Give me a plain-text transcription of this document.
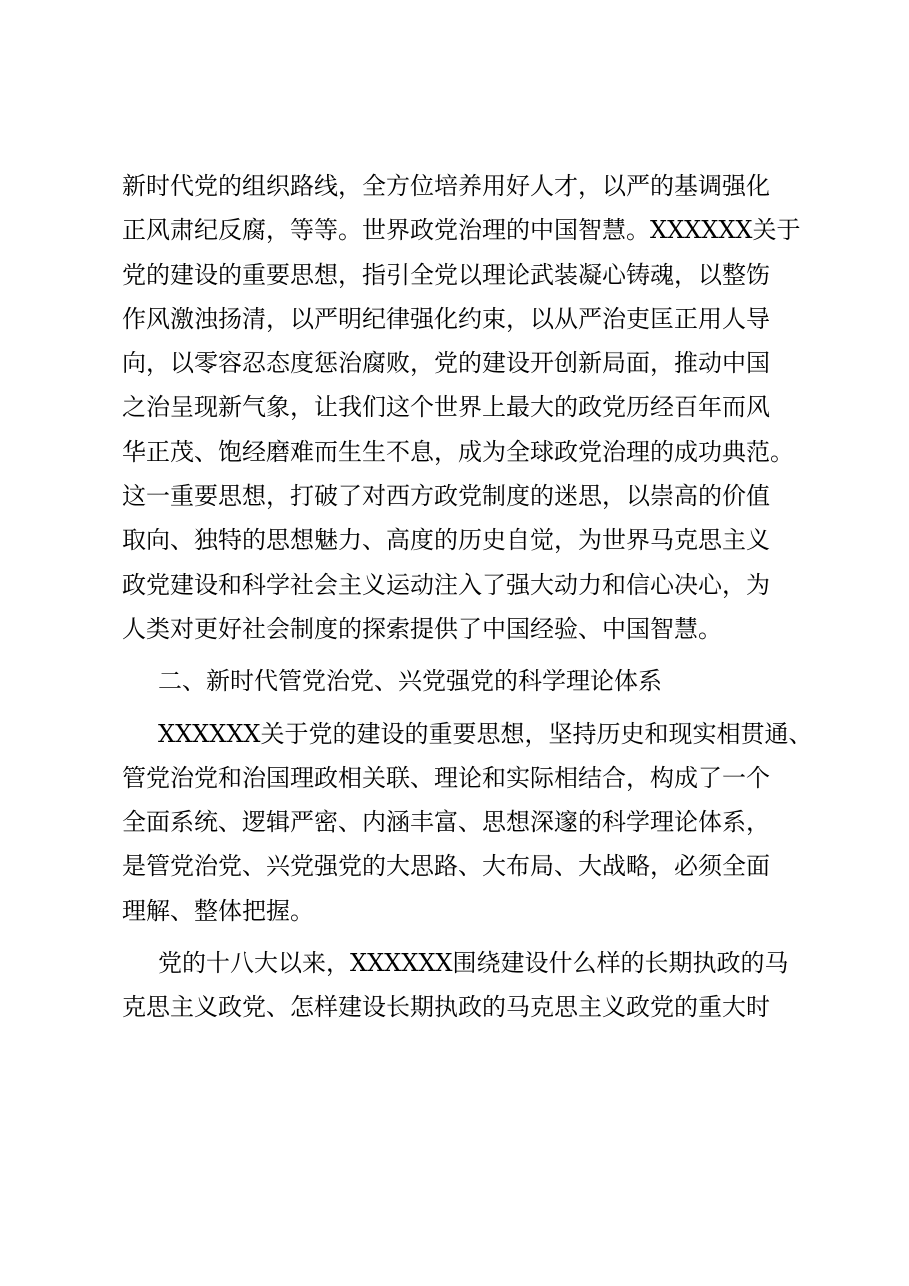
新时代党的组织路线，全方位培养用好人才，以严的基调强化
正风肃纪反腐，等等。世界政党治理的中国智慧。XXXXXX关于
党的建设的重要思想，指引全党以理论武装凝心铸魂，以整饬
作风激浊扬清，以严明纪律强化约束，以从严治吏匡正用人导
向，以零容忍态度惩治腐败，党的建设开创新局面，推动中国
之治呈现新气象，让我们这个世界上最大的政党历经百年而风
华正茂、饱经磨难而生生不息，成为全球政党治理的成功典范。
这一重要思想，打破了对西方政党制度的迷思，以崇高的价值
取向、独特的思想魅力、高度的历史自觉，为世界马克思主义
政党建设和科学社会主义运动注入了强大动力和信心决心，为
人类对更好社会制度的探索提供了中国经验、中国智慧。
二、新时代管党治党、兴党强党的科学理论体系
XXXXXX关于党的建设的重要思想，坚持历史和现实相贯通、
管党治党和治国理政相关联、理论和实际相结合，构成了一个
全面系统、逻辑严密、内涵丰富、思想深邃的科学理论体系，
是管党治党、兴党强党的大思路、大布局、大战略，必须全面
理解、整体把握。
党的十八大以来，XXXXXX围绕建设什么样的长期执政的马
克思主义政党、怎样建设长期执政的马克思主义政党的重大时
